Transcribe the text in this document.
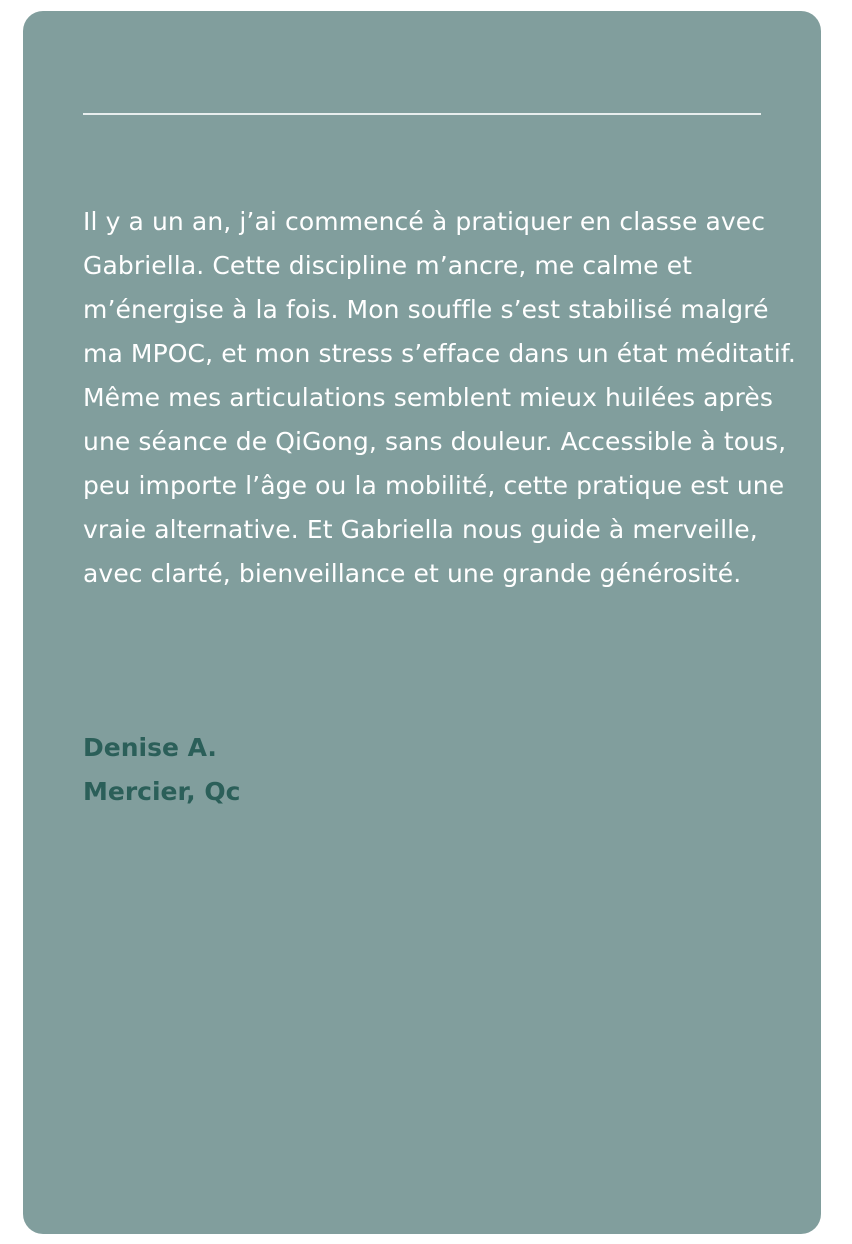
Il y a un an, j’ai commencé à pratiquer en classe avec Gabriella. Cette discipline m’ancre, me calme et m’énergise à la fois. Mon souffle s’est stabilisé malgré ma MPOC, et mon stress s’efface dans un état méditatif. Même mes articulations semblent mieux huilées après une séance de QiGong, sans douleur. Accessible à tous, peu importe l’âge ou la mobilité, cette pratique est une vraie alternative. Et Gabriella nous guide à merveille, avec clarté, bienveillance et une grande générosité.

Denise A.
Mercier, Qc
